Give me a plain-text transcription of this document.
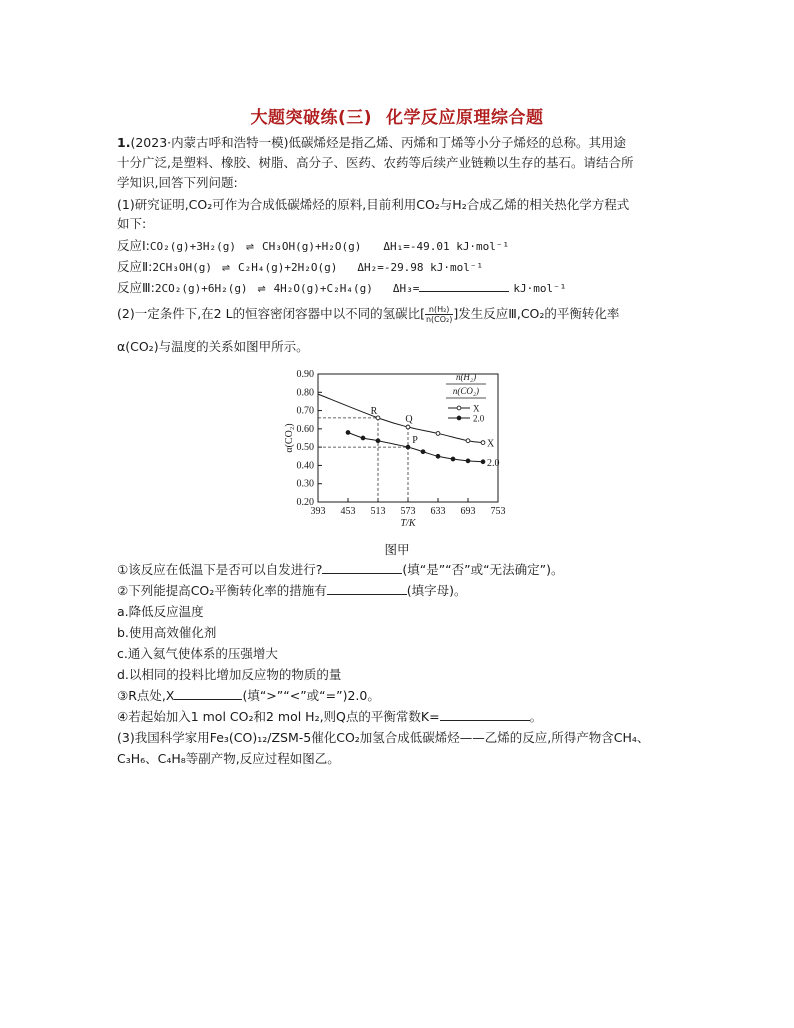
大题突破练(三) 化学反应原理综合题
1.(2023·内蒙古呼和浩特一模)低碳烯烃是指乙烯、丙烯和丁烯等小分子烯烃的总称。其用途
十分广泛,是塑料、橡胶、树脂、高分子、医药、农药等后续产业链赖以生存的基石。请结合所
学知识,回答下列问题:
(1)研究证明,CO₂可作为合成低碳烯烃的原料,目前利用CO₂与H₂合成乙烯的相关热化学方程式
如下:
反应Ⅰ:CO₂(g)+3H₂(g) ⇌ CH₃OH(g)+H₂O(g) ΔH₁=-49.01 kJ·mol⁻¹
反应Ⅱ:2CH₃OH(g) ⇌ C₂H₄(g)+2H₂O(g) ΔH₂=-29.98 kJ·mol⁻¹
反应Ⅲ:2CO₂(g)+6H₂(g) ⇌ 4H₂O(g)+C₂H₄(g) ΔH₃=	kJ·mol⁻¹
(2)一定条件下,在2 L的恒容密闭容器中以不同的氢碳比[ $\frac{\text{n(H₂)}}{\text{n(CO₂)}}$ ]发生反应Ⅲ,CO₂的平衡转化率
α(CO₂)与温度的关系如图甲所示。
0.20
0.30
0.40
0.50
0.60
0.70
0.80
0.90
393 453 513 573 633 693 753
T/K
α(CO₂)	X
2.0
R
Q
P
n(H₂)
n(CO₂)
X
2.0
图甲
①该反应在低温下是否可以自发进行?	(填“是”“否”或“无法确定”)。
②下列能提高CO₂平衡转化率的措施有	(填字母)。
a.降低反应温度
b.使用高效催化剂
c.通入氦气使体系的压强增大
d.以相同的投料比增加反应物的物质的量
③R点处,X	(填“>”“<”或“=”)2.0。
④若起始加入1 mol CO₂和2 mol H₂,则Q点的平衡常数K=	。
(3)我国科学家用Fe₃(CO)₁₂/ZSM-5催化CO₂加氢合成低碳烯烃——乙烯的反应,所得产物含CH₄、
C₃H₆、C₄H₈等副产物,反应过程如图乙。
